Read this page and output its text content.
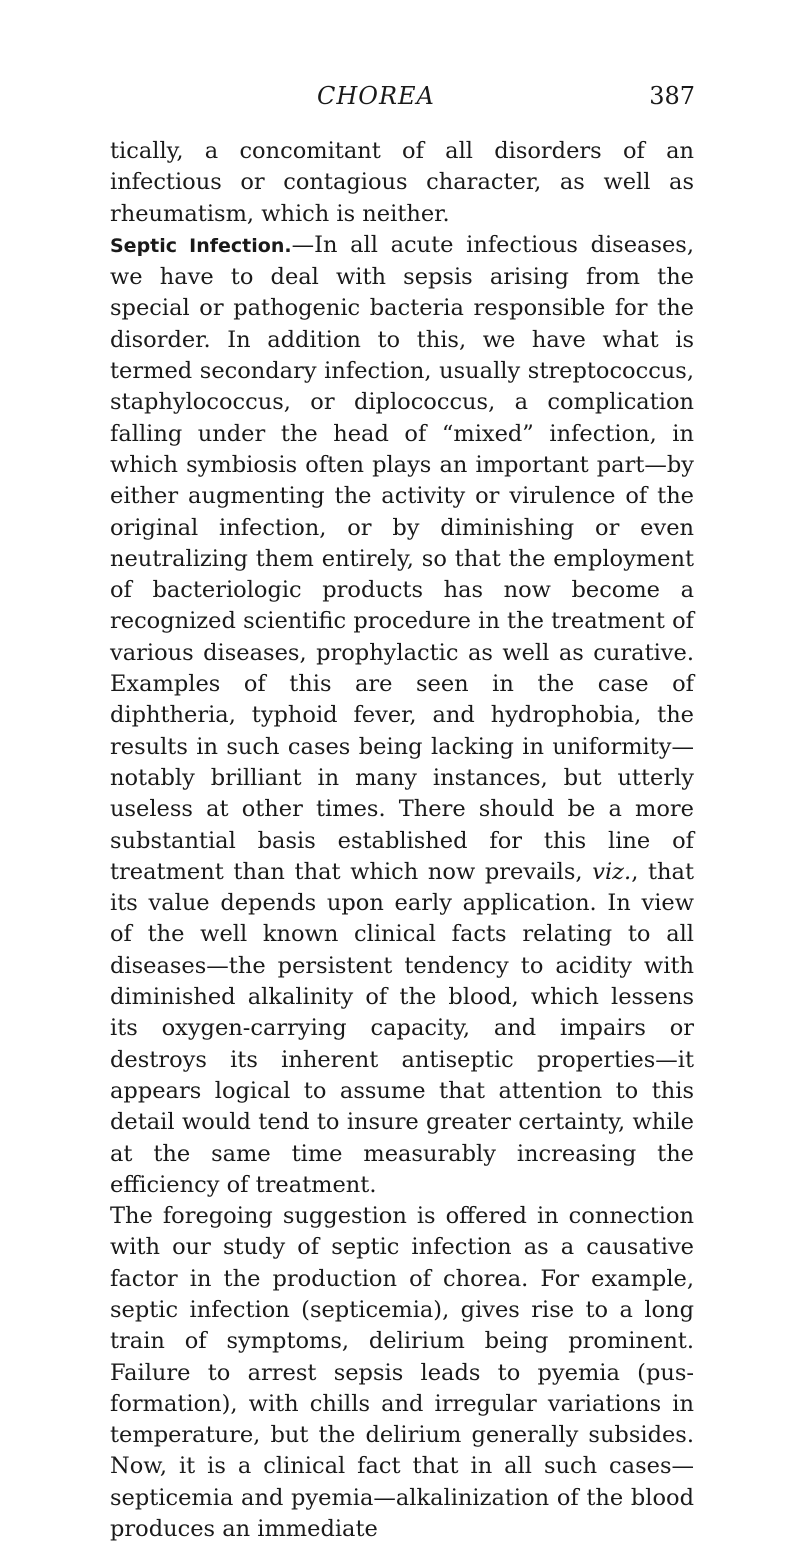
CHOREA	387

tically, a concomitant of all disorders of an infectious or contagious character, as well as rheumatism, which is neither.

Septic Infection.—In all acute infectious diseases, we have to deal with sepsis arising from the special or pathogenic bacteria responsible for the disorder. In addition to this, we have what is termed secondary infection, usually streptococcus, staphylococcus, or diplococcus, a complication falling under the head of “mixed” infection, in which symbiosis often plays an important part—by either augmenting the activity or virulence of the original infection, or by diminishing or even neutralizing them entirely, so that the employment of bacteriologic products has now become a recognized scientific procedure in the treatment of various diseases, prophylactic as well as curative. Examples of this are seen in the case of diphtheria, typhoid fever, and hydrophobia, the results in such cases being lacking in uniformity—notably brilliant in many instances, but utterly useless at other times. There should be a more substantial basis established for this line of treatment than that which now prevails, viz., that its value depends upon early application. In view of the well known clinical facts relating to all diseases—the persistent tendency to acidity with diminished alkalinity of the blood, which lessens its oxygen-carrying capacity, and impairs or destroys its inherent antiseptic properties—it appears logical to assume that attention to this detail would tend to insure greater certainty, while at the same time measurably increasing the efficiency of treatment.

The foregoing suggestion is offered in connection with our study of septic infection as a causative factor in the production of chorea. For example, septic infection (septicemia), gives rise to a long train of symptoms, delirium being prominent. Failure to arrest sepsis leads to pyemia (pus-formation), with chills and irregular variations in temperature, but the delirium generally subsides. Now, it is a clinical fact that in all such cases—septicemia and pyemia—alkalinization of the blood produces an immediate
